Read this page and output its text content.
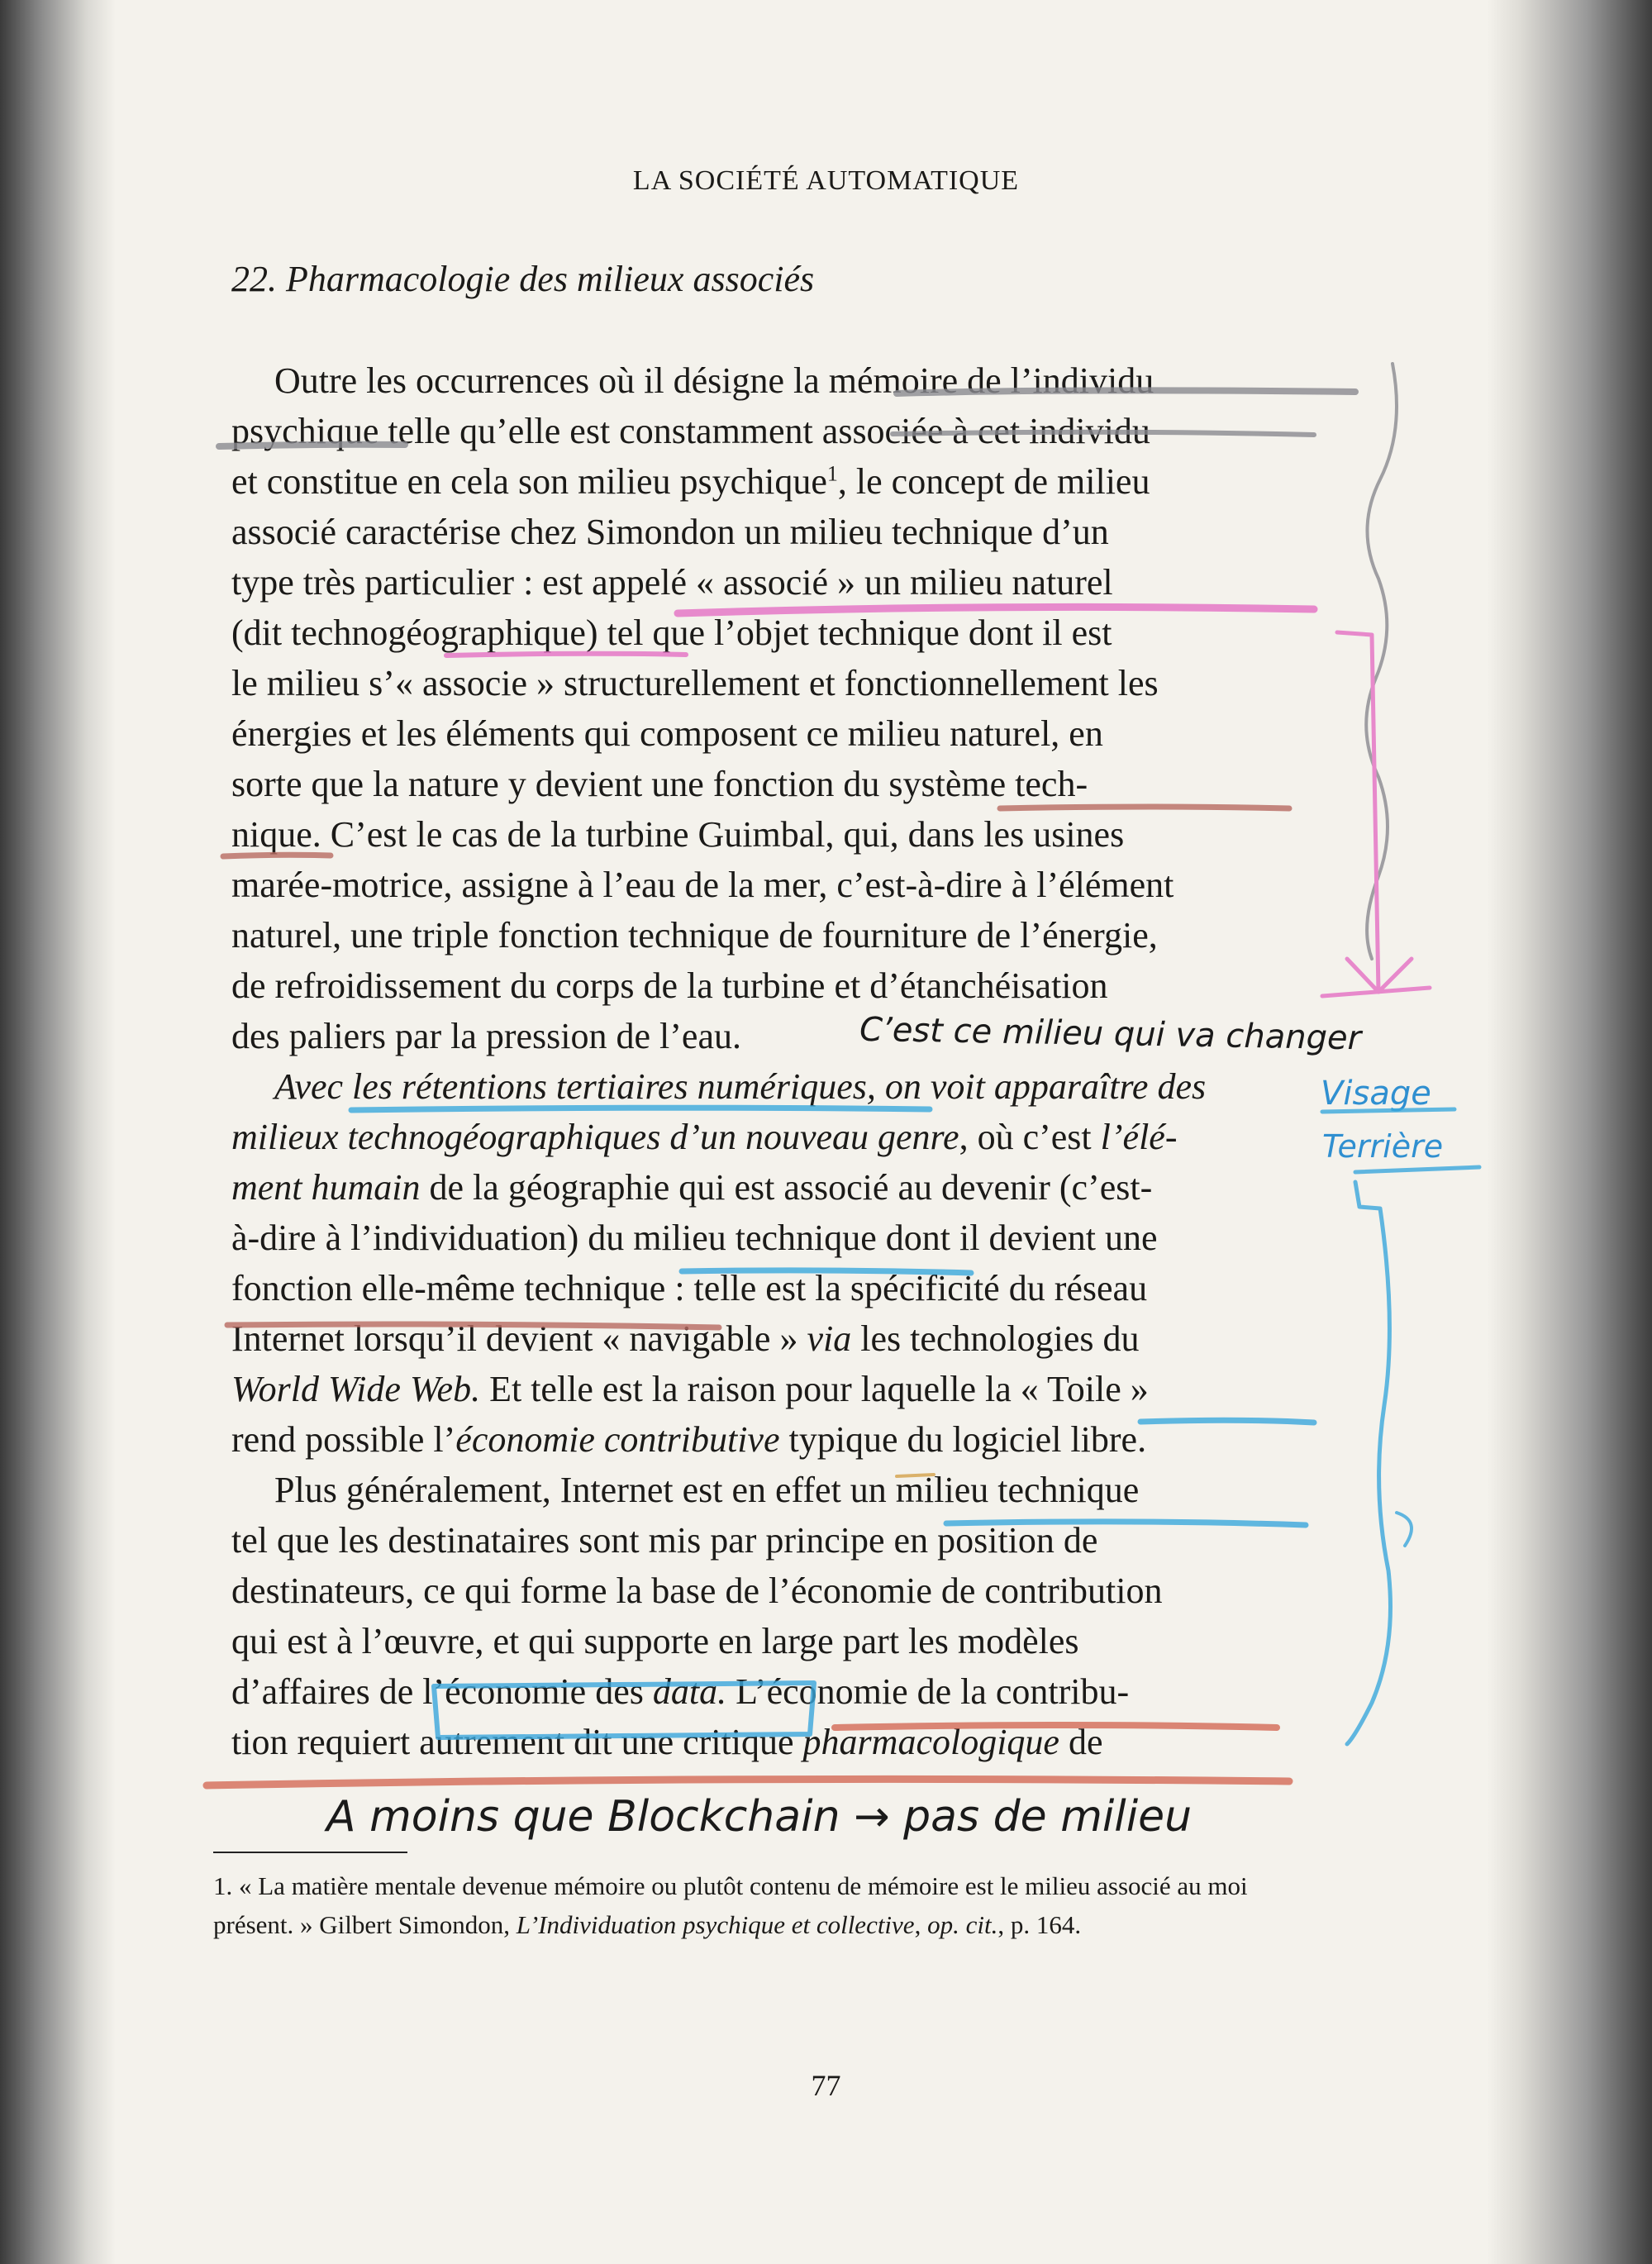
LA SOCIÉTÉ AUTOMATIQUE
22. Pharmacologie des milieux associés
Outre les occurrences où il désigne la mémoire de l’individu
psychique telle qu’elle est constamment associée à cet individu
et constitue en cela son milieu psychique$^1$, le concept de milieu
associé caractérise chez Simondon un milieu technique d’un
type très particulier : est appelé « associé » un milieu naturel
(dit technogéographique) tel que l’objet technique dont il est
le milieu s’« associe » structurellement et fonctionnellement les
énergies et les éléments qui composent ce milieu naturel, en
sorte que la nature y devient une fonction du système tech-
nique. C’est le cas de la turbine Guimbal, qui, dans les usines
marée-motrice, assigne à l’eau de la mer, c’est-à-dire à l’élément
naturel, une triple fonction technique de fourniture de l’énergie,
de refroidissement du corps de la turbine et d’étanchéisation
des paliers par la pression de l’eau.
Avec les rétentions tertiaires numériques, on voit apparaître des
milieux technogéographiques d’un nouveau genre, où c’est l’élé-
ment humain de la géographie qui est associé au devenir (c’est-
à-dire à l’individuation) du milieu technique dont il devient une
fonction elle-même technique : telle est la spécificité du réseau
Internet lorsqu’il devient « navigable » via les technologies du
World Wide Web. Et telle est la raison pour laquelle la « Toile »
rend possible l’économie contributive typique du logiciel libre.
Plus généralement, Internet est en effet un milieu technique
tel que les destinataires sont mis par principe en position de
destinateurs, ce qui forme la base de l’économie de contribution
qui est à l’œuvre, et qui supporte en large part les modèles
d’affaires de l’économie des data. L’économie de la contribu-
tion requiert autrement dit une critique pharmacologique de
1. « La matière mentale devenue mémoire ou plutôt contenu de mémoire est le milieu associé au moi présent. » Gilbert Simondon, L’Individuation psychique et collective, op. cit., p. 164.
77
C’est ce milieu qui va changer
Visage
Terrière
A moins que Blockchain → pas de milieu
